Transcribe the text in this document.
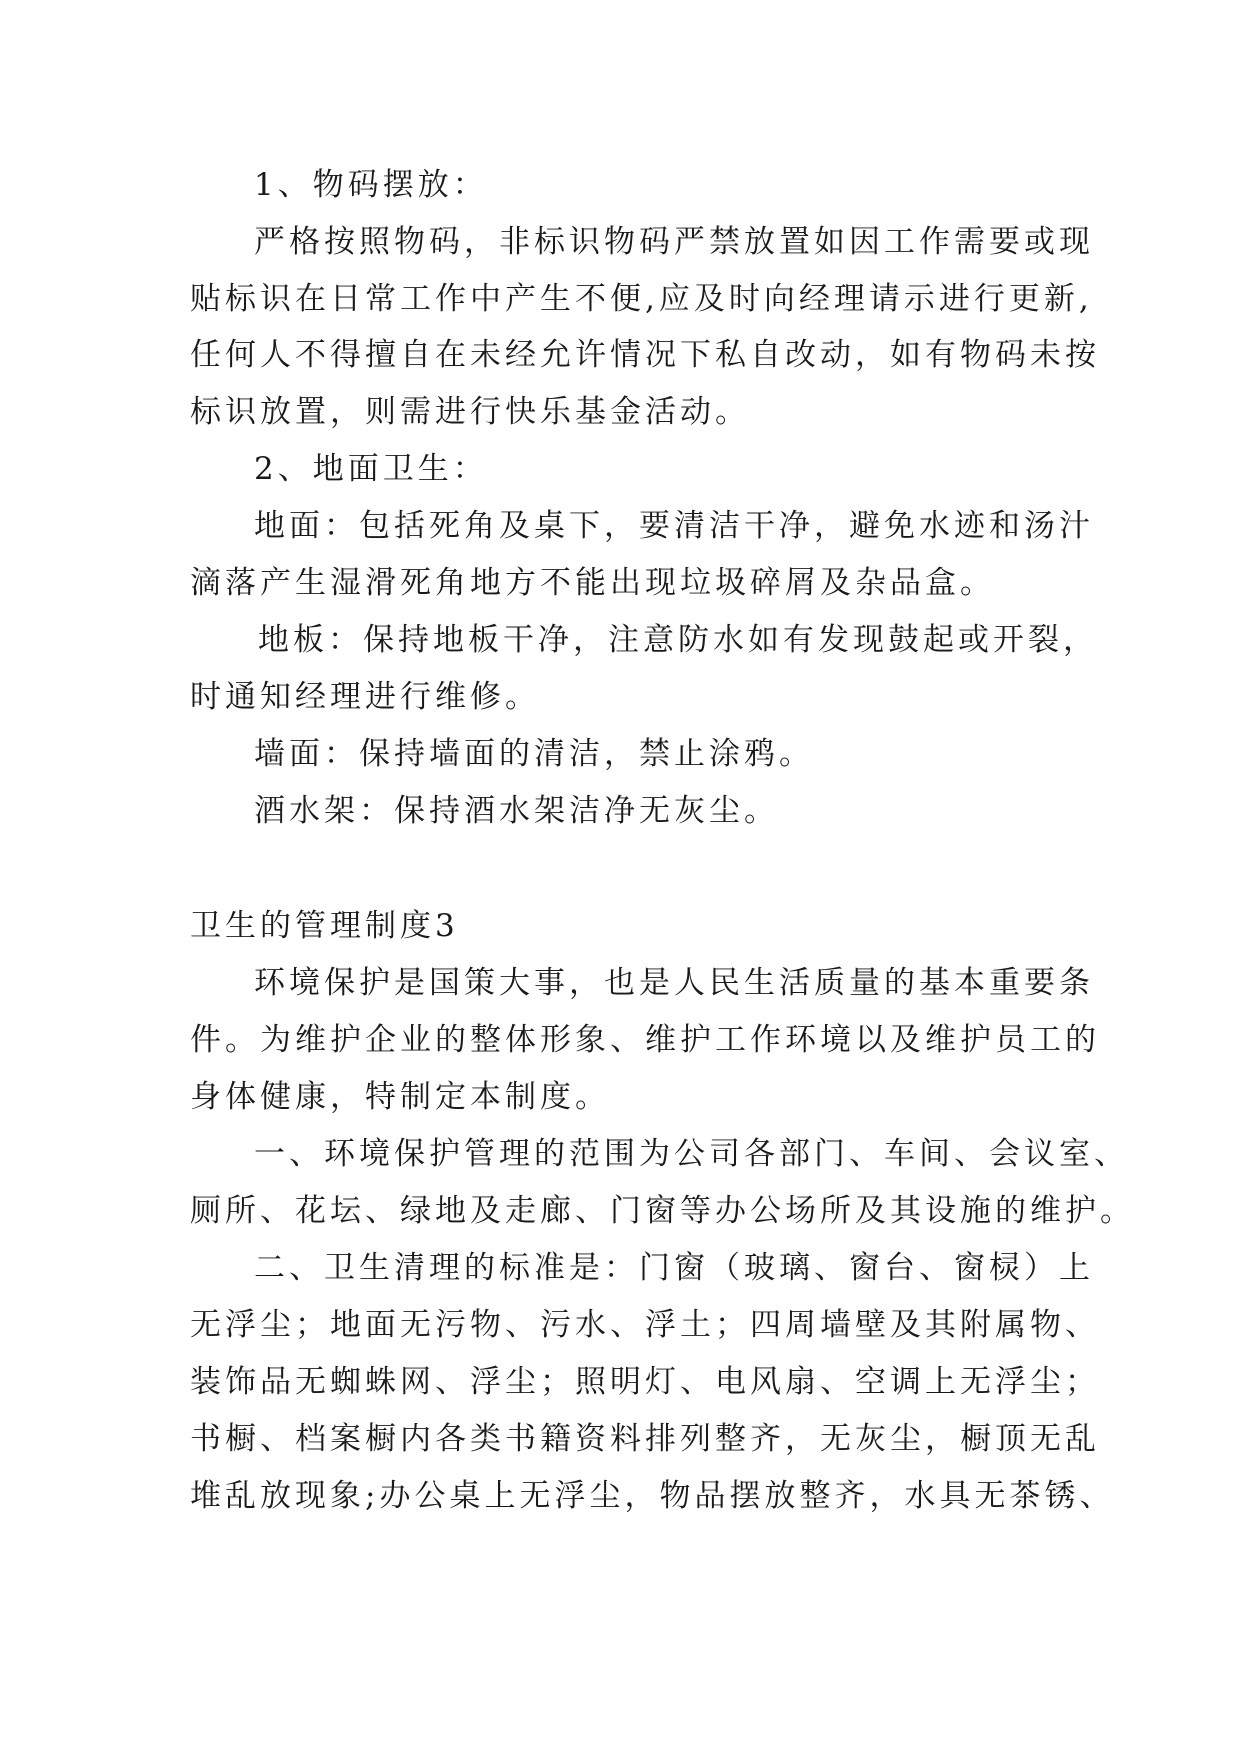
1、物码摆放：
严格按照物码，非标识物码严禁放置如因工作需要或现
贴标识在日常工作中产生不便,应及时向经理请示进行更新,
任何人不得擅自在未经允许情况下私自改动，如有物码未按
标识放置，则需进行快乐基金活动。
2、地面卫生：
地面：包括死角及桌下，要清洁干净，避免水迹和汤汁
滴落产生湿滑死角地方不能出现垃圾碎屑及杂品盒。
地板：保持地板干净，注意防水如有发现鼓起或开裂，
时通知经理进行维修。
墙面：保持墙面的清洁，禁止涂鸦。
酒水架：保持酒水架洁净无灰尘。
卫生的管理制度3
环境保护是国策大事，也是人民生活质量的基本重要条
件。为维护企业的整体形象、维护工作环境以及维护员工的
身体健康，特制定本制度。
一、环境保护管理的范围为公司各部门、车间、会议室、
厕所、花坛、绿地及走廊、门窗等办公场所及其设施的维护。
二、卫生清理的标准是：门窗（玻璃、窗台、窗棂）上
无浮尘；地面无污物、污水、浮土；四周墙壁及其附属物、
装饰品无蜘蛛网、浮尘；照明灯、电风扇、空调上无浮尘；
书橱、档案橱内各类书籍资料排列整齐，无灰尘，橱顶无乱
堆乱放现象;办公桌上无浮尘，物品摆放整齐，水具无茶锈、
